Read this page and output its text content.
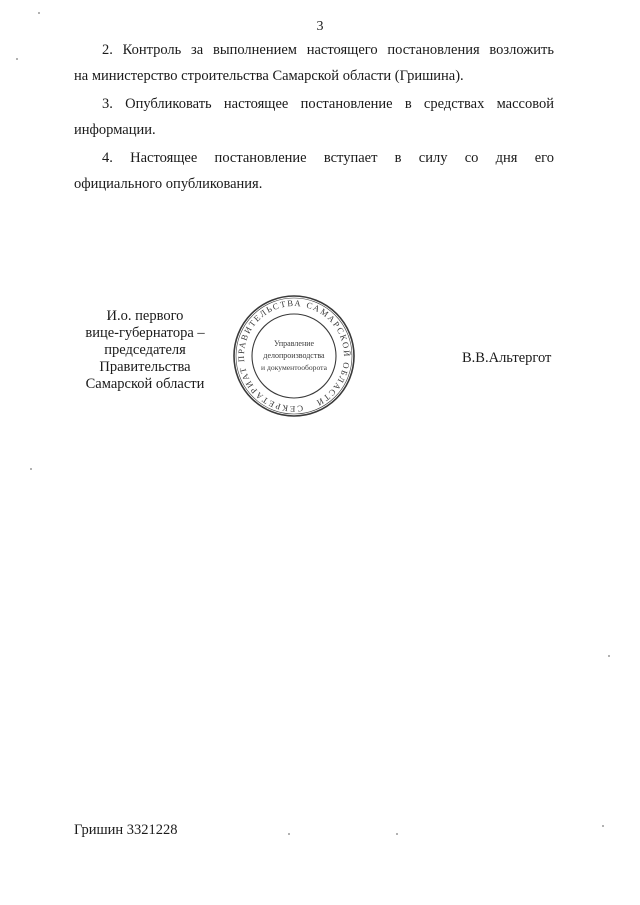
3
2. Контроль за выполнением настоящего постановления возложить
на министерство строительства Самарской области (Гришина).
3. Опубликовать настоящее постановление в средствах массовой
информации.
4. Настоящее постановление вступает в силу со дня его
официального опубликования.
И.о. первого
вице-губернатора –
председателя Правительства
Самарской области
СЕКРЕТАРИАТ ПРАВИТЕЛЬСТВА САМАРСКОЙ ОБЛАСТИ
Управление
делопроизводства
и документооборота
В.В.Альтергот
Гришин 3321228
